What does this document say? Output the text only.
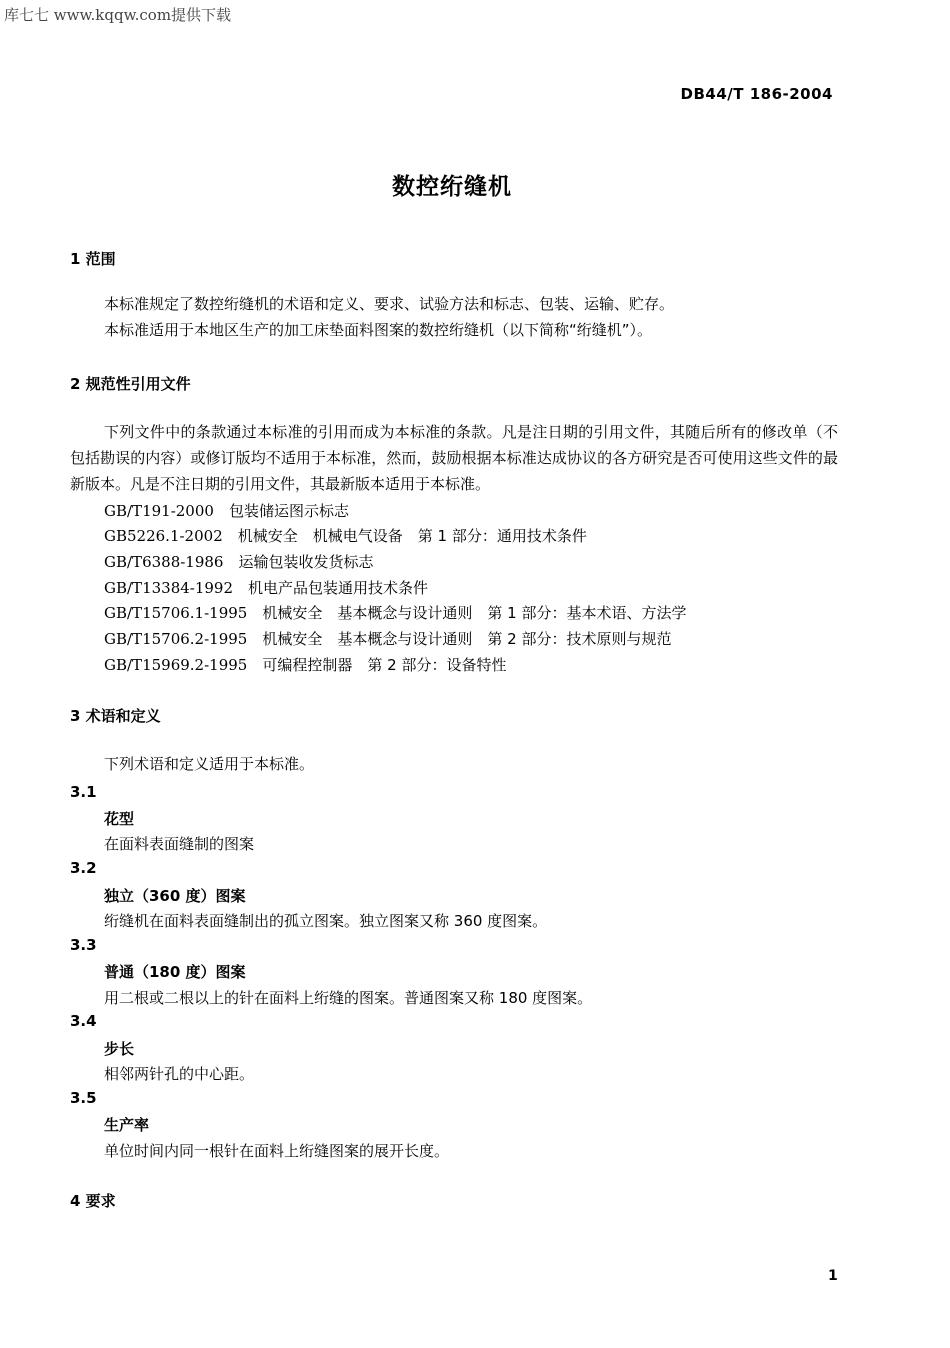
库七七 www.kqqw.com提供下载
DB44/T 186-2004
数控绗缝机
1 范围
本标准规定了数控绗缝机的术语和定义、要求、试验方法和标志、包装、运输、贮存。
本标准适用于本地区生产的加工床垫面料图案的数控绗缝机（以下简称“绗缝机”）。
2 规范性引用文件
下列文件中的条款通过本标准的引用而成为本标准的条款。凡是注日期的引用文件，其随后所有的修改单（不包括勘误的内容）或修订版均不适用于本标准，然而，鼓励根据本标准达成协议的各方研究是否可使用这些文件的最新版本。凡是不注日期的引用文件，其最新版本适用于本标准。
GB/T191-2000　 包装储运图示标志
GB5226.1-2002　 机械安全　机械电气设备　第 1 部分：通用技术条件
GB/T6388-1986　 运输包装收发货标志
GB/T13384-1992　 机电产品包装通用技术条件
GB/T15706.1-1995　 机械安全　基本概念与设计通则　第 1 部分：基本术语、方法学
GB/T15706.2-1995　 机械安全　基本概念与设计通则　第 2 部分：技术原则与规范
GB/T15969.2-1995　 可编程控制器　第 2 部分：设备特性
3 术语和定义
下列术语和定义适用于本标准。
3.1
花型
在面料表面缝制的图案
3.2
独立（360 度）图案
绗缝机在面料表面缝制出的孤立图案。独立图案又称 360 度图案。
3.3
普通（180 度）图案
用二根或二根以上的针在面料上绗缝的图案。普通图案又称 180 度图案。
3.4
步长
相邻两针孔的中心距。
3.5
生产率
单位时间内同一根针在面料上绗缝图案的展开长度。
4 要求
1
